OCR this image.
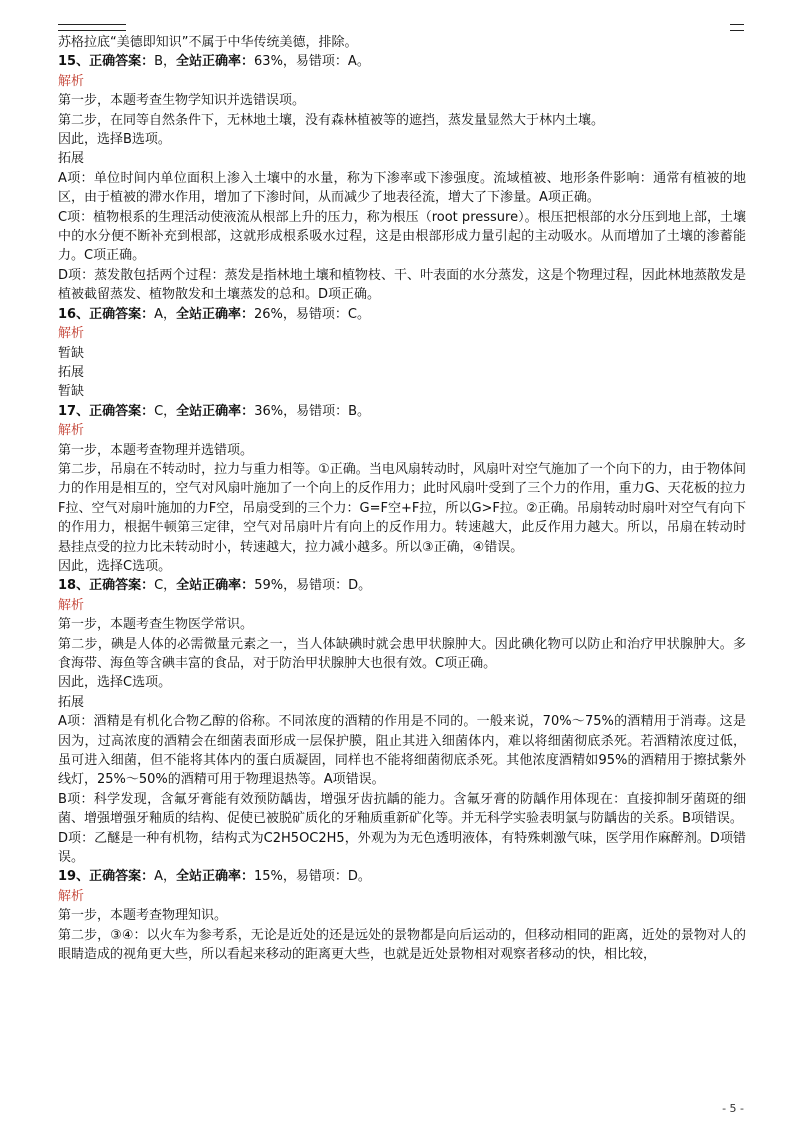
苏格拉底“美德即知识”不属于中华传统美德，排除。

15、正确答案：B，全站正确率：63%，易错项：A。

解析

第一步，本题考查生物学知识并选错误项。

第二步，在同等自然条件下，无林地土壤，没有森林植被等的遮挡，蒸发量显然大于林内土壤。

因此，选择B选项。

拓展

A项：单位时间内单位面积上渗入土壤中的水量，称为下渗率或下渗强度。流域植被、地形条件影响：通常有植被的地区，由于植被的滞水作用，增加了下渗时间，从而减少了地表径流，增大了下渗量。A项正确。

C项：植物根系的生理活动使液流从根部上升的压力，称为根压（root pressure）。根压把根部的水分压到地上部，土壤中的水分便不断补充到根部，这就形成根系吸水过程，这是由根部形成力量引起的主动吸水。从而增加了土壤的渗蓄能力。C项正确。

D项：蒸发散包括两个过程：蒸发是指林地土壤和植物枝、干、叶表面的水分蒸发，这是个物理过程，因此林地蒸散发是植被截留蒸发、植物散发和土壤蒸发的总和。D项正确。

16、正确答案：A，全站正确率：26%，易错项：C。

解析

暂缺

拓展

暂缺

17、正确答案：C，全站正确率：36%，易错项：B。

解析

第一步，本题考查物理并选错项。

第二步，吊扇在不转动时，拉力与重力相等。①正确。当电风扇转动时，风扇叶对空气施加了一个向下的力，由于物体间力的作用是相互的，空气对风扇叶施加了一个向上的反作用力；此时风扇叶受到了三个力的作用，重力G、天花板的拉力F拉、空气对扇叶施加的力F空，吊扇受到的三个力：G=F空+F拉，所以G>F拉。②正确。吊扇转动时扇叶对空气有向下的作用力，根据牛顿第三定律，空气对吊扇叶片有向上的反作用力。转速越大，此反作用力越大。所以，吊扇在转动时悬挂点受的拉力比未转动时小，转速越大，拉力减小越多。所以③正确，④错误。

因此，选择C选项。

18、正确答案：C，全站正确率：59%，易错项：D。

解析

第一步，本题考查生物医学常识。

第二步，碘是人体的必需微量元素之一，当人体缺碘时就会患甲状腺肿大。因此碘化物可以防止和治疗甲状腺肿大。多食海带、海鱼等含碘丰富的食品，对于防治甲状腺肿大也很有效。C项正确。

因此，选择C选项。

拓展

A项：酒精是有机化合物乙醇的俗称。不同浓度的酒精的作用是不同的。一般来说，70%～75%的酒精用于消毒。这是因为，过高浓度的酒精会在细菌表面形成一层保护膜，阻止其进入细菌体内，难以将细菌彻底杀死。若酒精浓度过低，虽可进入细菌，但不能将其体内的蛋白质凝固，同样也不能将细菌彻底杀死。其他浓度酒精如95%的酒精用于擦拭紫外线灯，25%～50%的酒精可用于物理退热等。A项错误。

B项：科学发现，含氟牙膏能有效预防龋齿，增强牙齿抗龋的能力。含氟牙膏的防龋作用体现在：直接抑制牙菌斑的细菌、增强增强牙釉质的结构、促使已被脱矿质化的牙釉质重新矿化等。并无科学实验表明氯与防龋齿的关系。B项错误。

D项：乙醚是一种有机物，结构式为C2H5OC2H5，外观为为无色透明液体，有特殊刺激气味，医学用作麻醉剂。D项错误。

19、正确答案：A，全站正确率：15%，易错项：D。

解析

第一步，本题考查物理知识。

第二步，③④：以火车为参考系，无论是近处的还是远处的景物都是向后运动的，但移动相同的距离，近处的景物对人的眼睛造成的视角更大些，所以看起来移动的距离更大些，也就是近处景物相对观察者移动的快，相比较，

- 5 -
